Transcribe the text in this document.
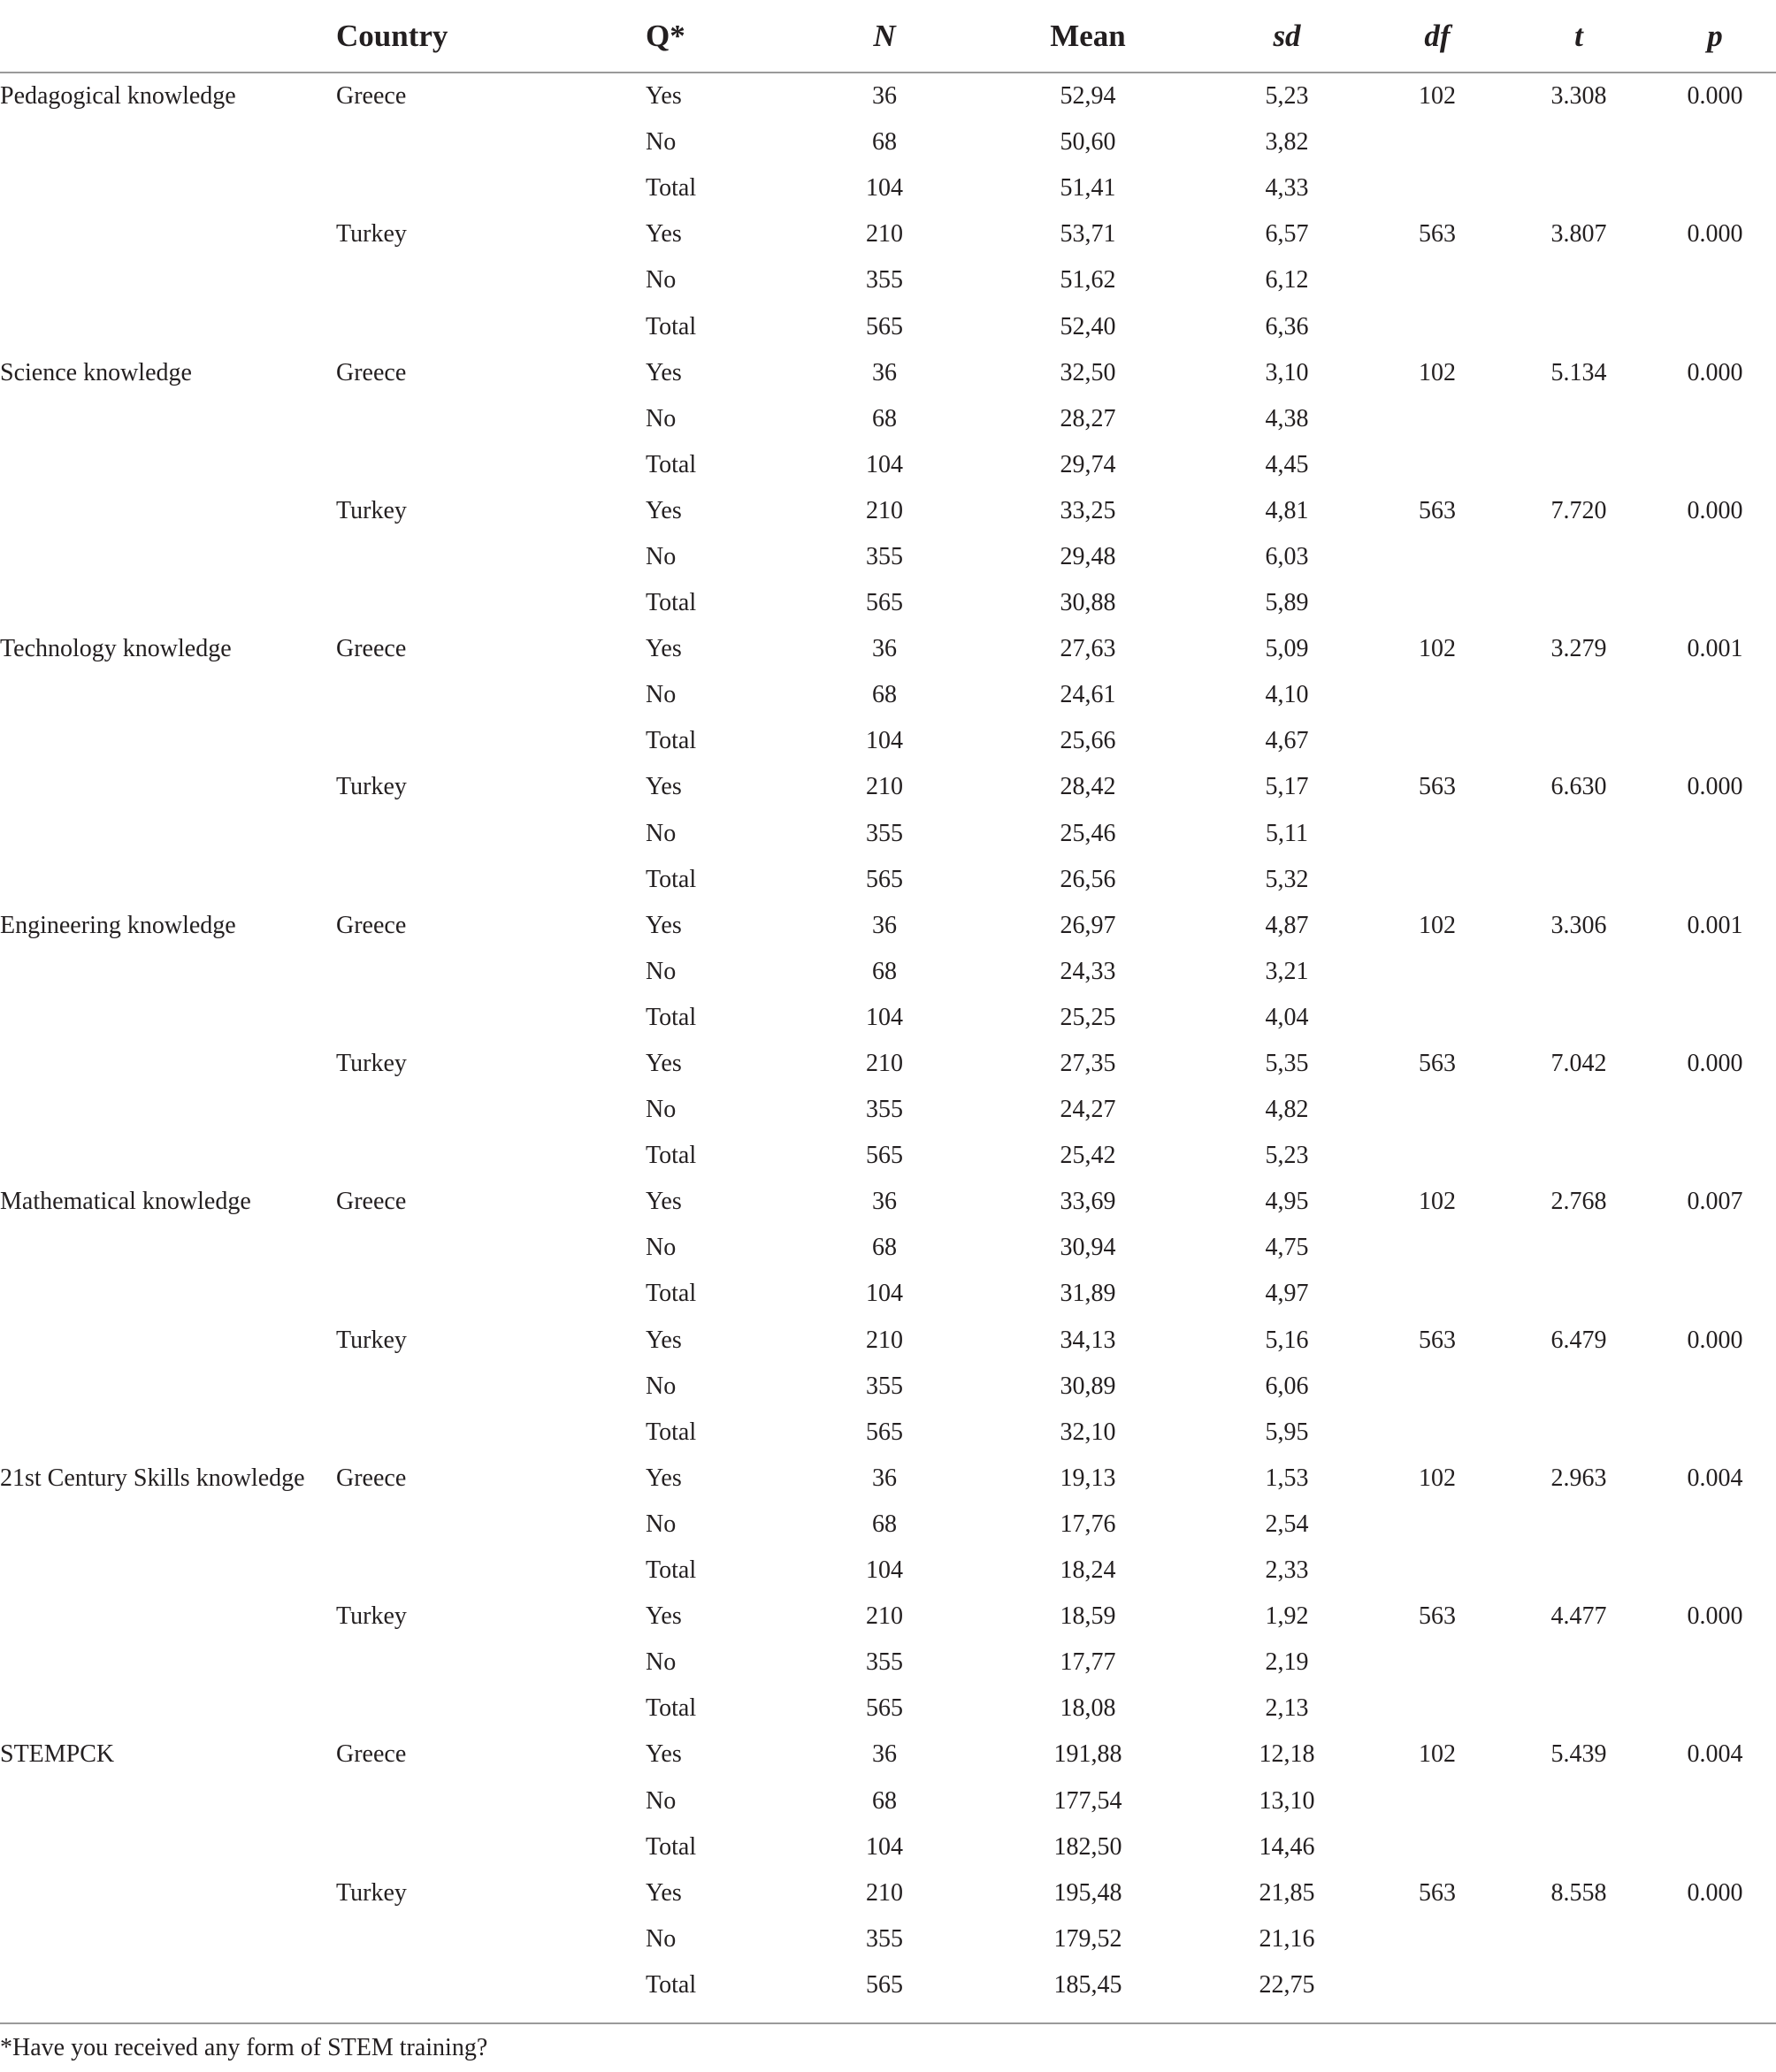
	Country	Q*	N	Mean	sd	df	t	p
Pedagogical knowledge	Greece	Yes	36	52,94	5,23	102	3.308	0.000
		No	68	50,60	3,82			
		Total	104	51,41	4,33			
	Turkey	Yes	210	53,71	6,57	563	3.807	0.000
		No	355	51,62	6,12			
		Total	565	52,40	6,36			
Science knowledge	Greece	Yes	36	32,50	3,10	102	5.134	0.000
		No	68	28,27	4,38			
		Total	104	29,74	4,45			
	Turkey	Yes	210	33,25	4,81	563	7.720	0.000
		No	355	29,48	6,03			
		Total	565	30,88	5,89			
Technology knowledge	Greece	Yes	36	27,63	5,09	102	3.279	0.001
		No	68	24,61	4,10			
		Total	104	25,66	4,67			
	Turkey	Yes	210	28,42	5,17	563	6.630	0.000
		No	355	25,46	5,11			
		Total	565	26,56	5,32			
Engineering knowledge	Greece	Yes	36	26,97	4,87	102	3.306	0.001
		No	68	24,33	3,21			
		Total	104	25,25	4,04			
	Turkey	Yes	210	27,35	5,35	563	7.042	0.000
		No	355	24,27	4,82			
		Total	565	25,42	5,23			
Mathematical knowledge	Greece	Yes	36	33,69	4,95	102	2.768	0.007
		No	68	30,94	4,75			
		Total	104	31,89	4,97			
	Turkey	Yes	210	34,13	5,16	563	6.479	0.000
		No	355	30,89	6,06			
		Total	565	32,10	5,95			
21st Century Skills knowledge	Greece	Yes	36	19,13	1,53	102	2.963	0.004
		No	68	17,76	2,54			
		Total	104	18,24	2,33			
	Turkey	Yes	210	18,59	1,92	563	4.477	0.000
		No	355	17,77	2,19			
		Total	565	18,08	2,13			
STEMPCK	Greece	Yes	36	191,88	12,18	102	5.439	0.004
		No	68	177,54	13,10			
		Total	104	182,50	14,46			
	Turkey	Yes	210	195,48	21,85	563	8.558	0.000
		No	355	179,52	21,16			
		Total	565	185,45	22,75			
*Have you received any form of STEM training?
